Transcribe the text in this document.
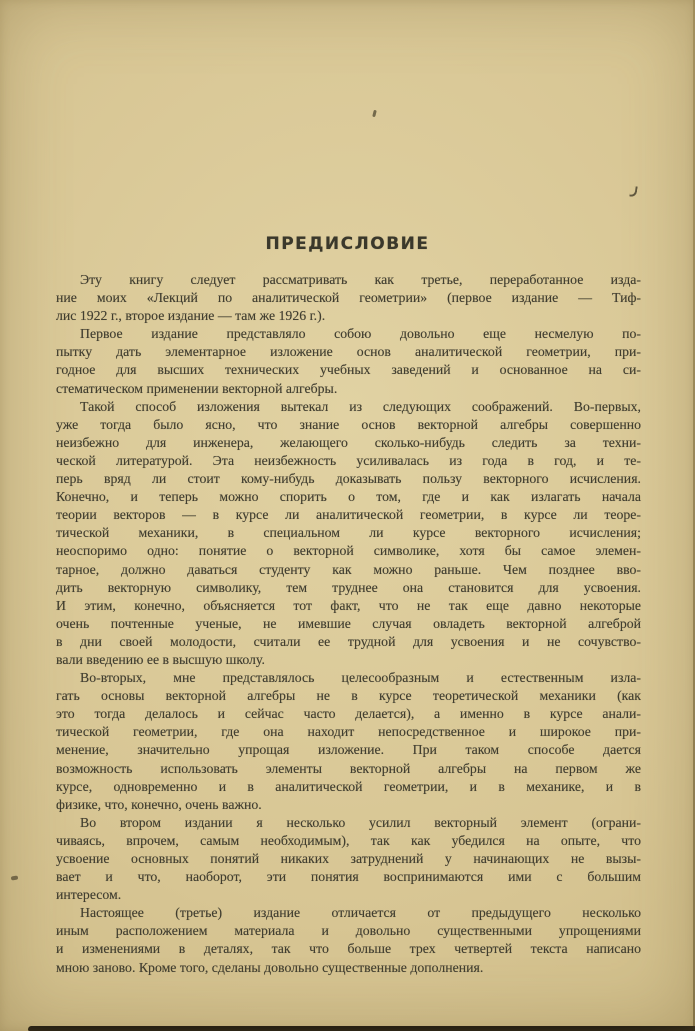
ПРЕДИСЛОВИЕ
Эту книгу следует рассматривать как третье, переработанное изда-
ние моих «Лекций по аналитической геометрии» (первое издание — Тиф-
лис 1922 г., второе издание — там же 1926 г.).
Первое издание представляло собою довольно еще несмелую по-
пытку дать элементарное изложение основ аналитической геометрии, при-
годное для высших технических учебных заведений и основанное на си-
стематическом применении векторной алгебры.
Такой способ изложения вытекал из следующих соображений. Во-первых,
уже тогда было ясно, что знание основ векторной алгебры совершенно
неизбежно для инженера, желающего сколько-нибудь следить за техни-
ческой литературой. Эта неизбежность усиливалась из года в год, и те-
перь вряд ли стоит кому-нибудь доказывать пользу векторного исчисления.
Конечно, и теперь можно спорить о том, где и как излагать начала
теории векторов — в курсе ли аналитической геометрии, в курсе ли теоре-
тической механики, в специальном ли курсе векторного исчисления;
неоспоримо одно: понятие о векторной символике, хотя бы самое элемен-
тарное, должно даваться студенту как можно раньше. Чем позднее вво-
дить векторную символику, тем труднее она становится для усвоения.
И этим, конечно, объясняется тот факт, что не так еще давно некоторые
очень почтенные ученые, не имевшие случая овладеть векторной алгеброй
в дни своей молодости, считали ее трудной для усвоения и не сочувство-
вали введению ее в высшую школу.
Во-вторых, мне представлялось целесообразным и естественным изла-
гать основы векторной алгебры не в курсе теоретической механики (как
это тогда делалось и сейчас часто делается), а именно в курсе анали-
тической геометрии, где она находит непосредственное и широкое при-
менение, значительно упрощая изложение. При таком способе дается
возможность использовать элементы векторной алгебры на первом же
курсе, одновременно и в аналитической геометрии, и в механике, и в
физике, что, конечно, очень важно.
Во втором издании я несколько усилил векторный элемент (ограни-
чиваясь, впрочем, самым необходимым), так как убедился на опыте, что
усвоение основных понятий никаких затруднений у начинающих не вызы-
вает и что, наоборот, эти понятия воспринимаются ими с большим
интересом.
Настоящее (третье) издание отличается от предыдущего несколько
иным расположением материала и довольно существенными упрощениями
и изменениями в деталях, так что больше трех четвертей текста написано
мною заново. Кроме того, сделаны довольно существенные дополнения.
